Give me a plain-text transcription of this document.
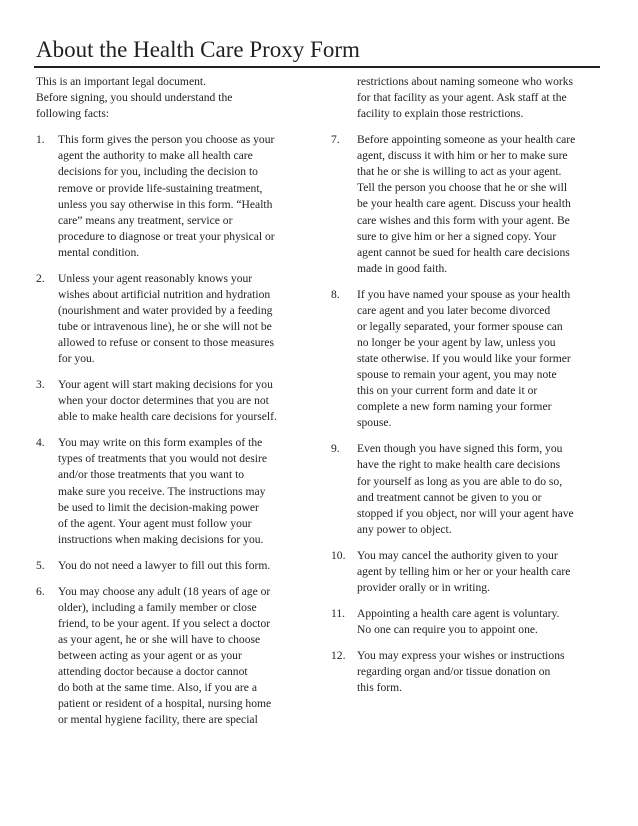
About the Health Care Proxy Form
This is an important legal document.
Before signing, you should understand the
following facts:
1. This form gives the person you choose as your
agent the authority to make all health care
decisions for you, including the decision to
remove or provide life-sustaining treatment,
unless you say otherwise in this form. “Health
care” means any treatment, service or
procedure to diagnose or treat your physical or
mental condition.
2. Unless your agent reasonably knows your
wishes about artificial nutrition and hydration
(nourishment and water provided by a feeding
tube or intravenous line), he or she will not be
allowed to refuse or consent to those measures
for you.
3. Your agent will start making decisions for you
when your doctor determines that you are not
able to make health care decisions for yourself.
4. You may write on this form examples of the
types of treatments that you would not desire
and/or those treatments that you want to
make sure you receive. The instructions may
be used to limit the decision-making power
of the agent. Your agent must follow your
instructions when making decisions for you.
5. You do not need a lawyer to fill out this form.
6. You may choose any adult (18 years of age or
older), including a family member or close
friend, to be your agent. If you select a doctor
as your agent, he or she will have to choose
between acting as your agent or as your
attending doctor because a doctor cannot
do both at the same time. Also, if you are a
patient or resident of a hospital, nursing home
or mental hygiene facility, there are special
restrictions about naming someone who works
for that facility as your agent. Ask staff at the
facility to explain those restrictions.
7. Before appointing someone as your health care
agent, discuss it with him or her to make sure
that he or she is willing to act as your agent.
Tell the person you choose that he or she will
be your health care agent. Discuss your health
care wishes and this form with your agent. Be
sure to give him or her a signed copy. Your
agent cannot be sued for health care decisions
made in good faith.
8. If you have named your spouse as your health
care agent and you later become divorced
or legally separated, your former spouse can
no longer be your agent by law, unless you
state otherwise. If you would like your former
spouse to remain your agent, you may note
this on your current form and date it or
complete a new form naming your former
spouse.
9. Even though you have signed this form, you
have the right to make health care decisions
for yourself as long as you are able to do so,
and treatment cannot be given to you or
stopped if you object, nor will your agent have
any power to object.
10. You may cancel the authority given to your
agent by telling him or her or your health care
provider orally or in writing.
11. Appointing a health care agent is voluntary.
No one can require you to appoint one.
12. You may express your wishes or instructions
regarding organ and/or tissue donation on
this form.
